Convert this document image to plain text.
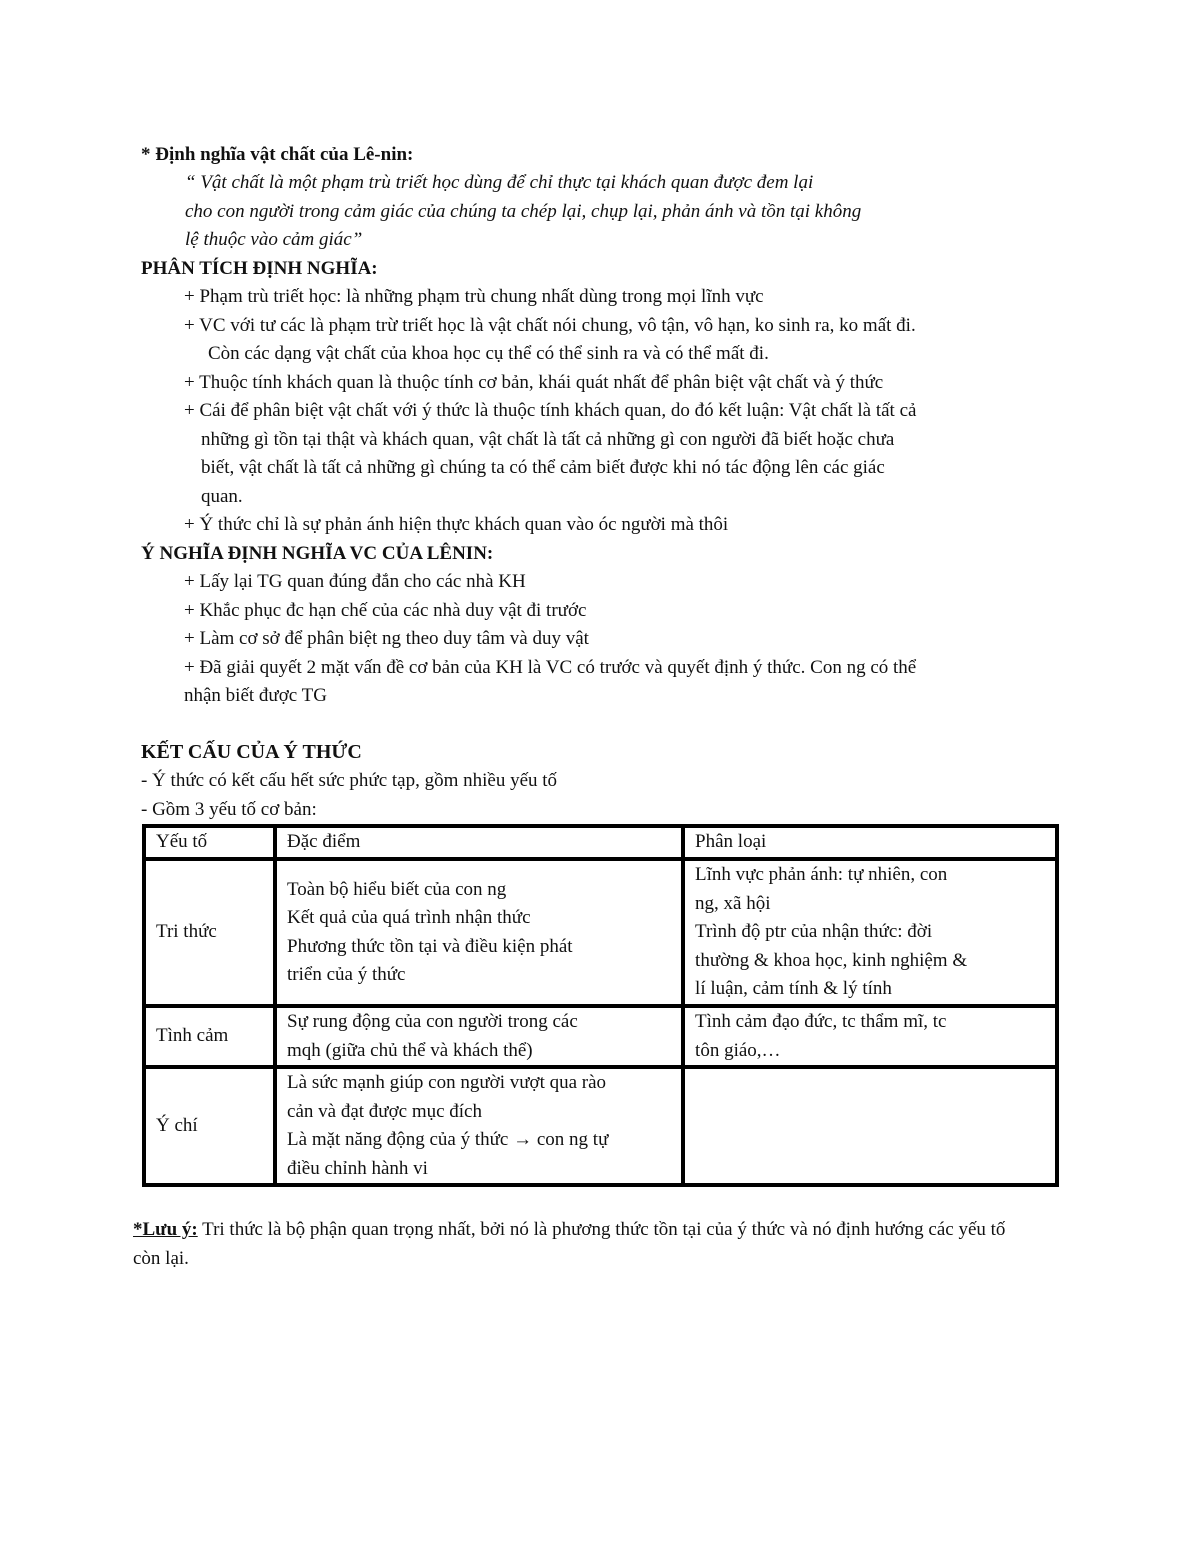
* Định nghĩa vật chất của Lê-nin:
“ Vật chất là một phạm trù triết học dùng để chỉ thực tại khách quan được đem lại
cho con người trong cảm giác của chúng ta chép lại, chụp lại, phản ánh và tồn tại không
lệ thuộc vào cảm giác”
PHÂN TÍCH ĐỊNH NGHĨA:
+ Phạm trù triết học: là những phạm trù chung nhất dùng trong mọi lĩnh vực
+ VC với tư các là phạm trừ triết học là vật chất nói chung, vô tận, vô hạn, ko sinh ra, ko mất đi.
Còn các dạng vật chất của khoa học cụ thể có thể sinh ra và có thể mất đi.
+ Thuộc tính khách quan là thuộc tính cơ bản, khái quát nhất để phân biệt vật chất và ý thức
+ Cái để phân biệt vật chất với ý thức là thuộc tính khách quan, do đó kết luận: Vật chất là tất cả
những gì tồn tại thật và khách quan, vật chất là tất cả những gì con người đã biết hoặc chưa
biết, vật chất là tất cả những gì chúng ta có thể cảm biết được khi nó tác động lên các giác
quan.
+ Ý thức chỉ là sự phản ánh hiện thực khách quan vào óc người mà thôi
Ý NGHĨA ĐỊNH NGHĨA VC CỦA LÊNIN:
+ Lấy lại TG quan đúng đắn cho các nhà KH
+ Khắc phục đc hạn chế của các nhà duy vật đi trước
+ Làm cơ sở để phân biệt ng theo duy tâm và duy vật
+ Đã giải quyết 2 mặt vấn đề cơ bản của KH là VC có trước và quyết định ý thức. Con ng có thể
nhận biết được TG
KẾT CẤU CỦA Ý THỨC
- Ý thức có kết cấu hết sức phức tạp, gồm nhiều yếu tố
- Gồm 3 yếu tố cơ bản:
Yếu tố	Đặc điểm	Phân loại
Tri thức	Toàn bộ hiểu biết của con ng
Kết quả của quá trình nhận thức
Phương thức tồn tại và điều kiện phát
triển của ý thức	Lĩnh vực phản ánh: tự nhiên, con
ng, xã hội
Trình độ ptr của nhận thức: đời
thường & khoa học, kinh nghiệm &
lí luận, cảm tính & lý tính

Tình cảm	Sự rung động của con người trong các
mqh (giữa chủ thể và khách thể)	Tình cảm đạo đức, tc thẩm mĩ, tc
tôn giáo,…

Ý chí	Là sức mạnh giúp con người vượt qua rào
cản và đạt được mục đích
Là mặt năng động của ý thức → con ng tự
điều chỉnh hành vi	

*Lưu ý: Tri thức là bộ phận quan trọng nhất, bởi nó là phương thức tồn tại của ý thức và nó định hướng các yếu tố còn lại.
